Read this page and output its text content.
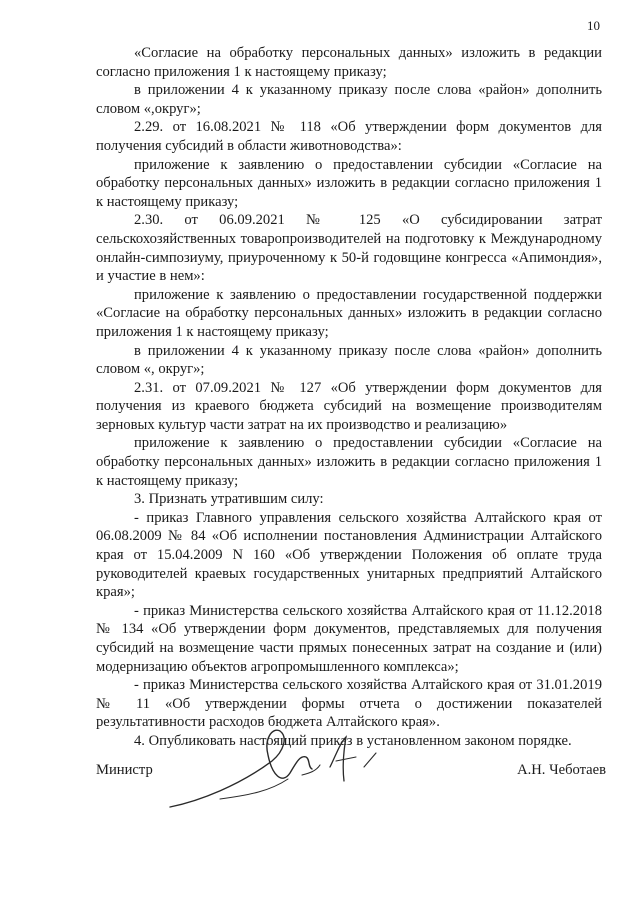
10

«Согласие на обработку персональных данных» изложить в редакции согласно приложения 1 к настоящему приказу;

в приложении 4 к указанному приказу после слова «район» дополнить словом «,округ»;

2.29. от 16.08.2021 № 118 «Об утверждении форм документов для получения субсидий в области животноводства»:

приложение к заявлению о предоставлении субсидии «Согласие на обработку персональных данных» изложить в редакции согласно приложения 1 к настоящему приказу;

2.30. от 06.09.2021 № 125 «О субсидировании затрат сельскохозяйственных товаропроизводителей на подготовку к Международному онлайн-симпозиуму, приуроченному к 50-й годовщине конгресса «Апимондия», и участие в нем»:

приложение к заявлению о предоставлении государственной поддержки «Согласие на обработку персональных данных» изложить в редакции согласно приложения 1 к настоящему приказу;

в приложении 4 к указанному приказу после слова «район» дополнить словом «, округ»;

2.31. от 07.09.2021 № 127 «Об утверждении форм документов для получения из краевого бюджета субсидий на возмещение производителям зерновых культур части затрат на их производство и реализацию»

приложение к заявлению о предоставлении субсидии «Согласие на обработку персональных данных» изложить в редакции согласно приложения 1 к настоящему приказу;

3. Признать утратившим силу:

- приказ Главного управления сельского хозяйства Алтайского края от 06.08.2009 № 84 «Об исполнении постановления Администрации Алтайского края от 15.04.2009 N 160 «Об утверждении Положения об оплате труда руководителей краевых государственных унитарных предприятий Алтайского края»;

- приказ Министерства сельского хозяйства Алтайского края от 11.12.2018 № 134 «Об утверждении форм документов, представляемых для получения субсидий на возмещение части прямых понесенных затрат на создание и (или) модернизацию объектов агропромышленного комплекса»;

- приказ Министерства сельского хозяйства Алтайского края от 31.01.2019 № 11 «Об утверждении формы отчета о достижении показателей результативности расходов бюджета Алтайского края».

4. Опубликовать настоящий приказ в установленном законом порядке.

Министр	А.Н. Чеботаев
